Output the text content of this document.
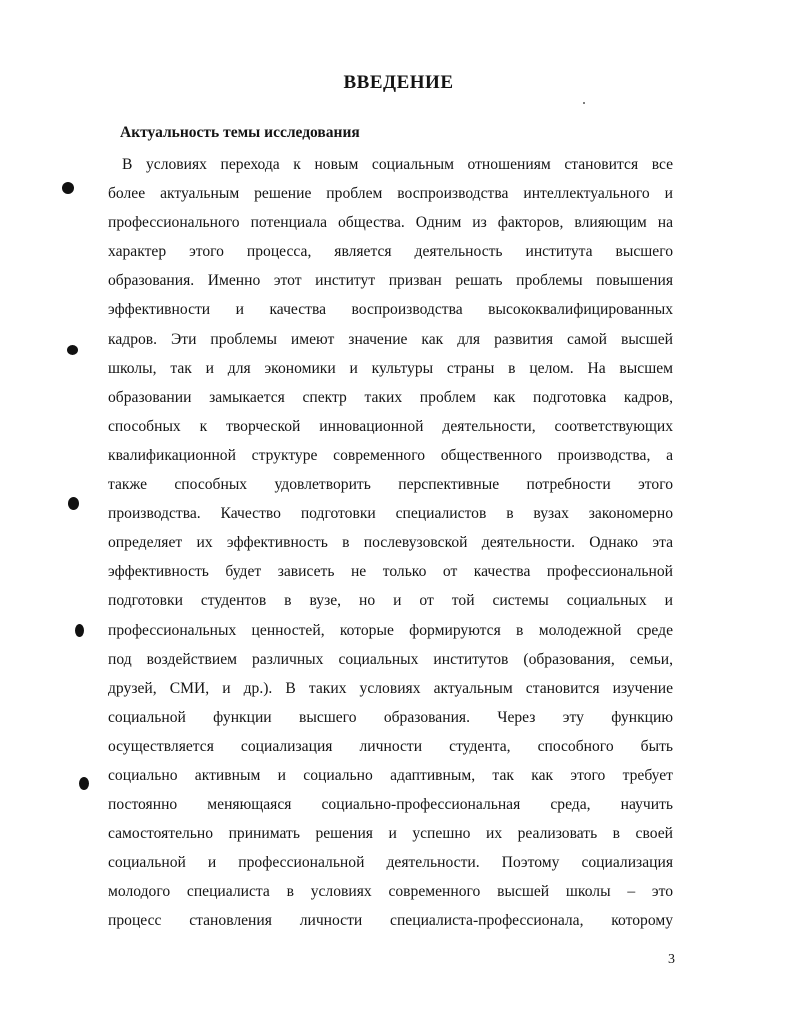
ВВЕДЕНИЕ
Актуальность темы исследования
В условиях перехода к новым социальным отношениям становится все
более актуальным решение проблем воспроизводства интеллектуального и
профессионального потенциала общества. Одним из факторов, влияющим на
характер этого процесса, является деятельность института высшего
образования. Именно этот институт призван решать проблемы повышения
эффективности и качества воспроизводства высококвалифицированных
кадров. Эти проблемы имеют значение как для развития самой высшей
школы, так и для экономики и культуры страны в целом. На высшем
образовании замыкается спектр таких проблем как подготовка кадров,
способных к творческой инновационной деятельности, соответствующих
квалификационной структуре современного общественного производства, а
также способных удовлетворить перспективные потребности этого
производства. Качество подготовки специалистов в вузах закономерно
определяет их эффективность в послевузовской деятельности. Однако эта
эффективность будет зависеть не только от качества профессиональной
подготовки студентов в вузе, но и от той системы социальных и
профессиональных ценностей, которые формируются в молодежной среде
под воздействием различных социальных институтов (образования, семьи,
друзей, СМИ, и др.). В таких условиях актуальным становится изучение
социальной функции высшего образования. Через эту функцию
осуществляется социализация личности студента, способного быть
социально активным и социально адаптивным, так как этого требует
постоянно меняющаяся социально-профессиональная среда, научить
самостоятельно принимать решения и успешно их реализовать в своей
социальной и профессиональной деятельности. Поэтому социализация
молодого специалиста в условиях современного высшей школы – это
процесс становления личности специалиста-профессионала, которому
3
